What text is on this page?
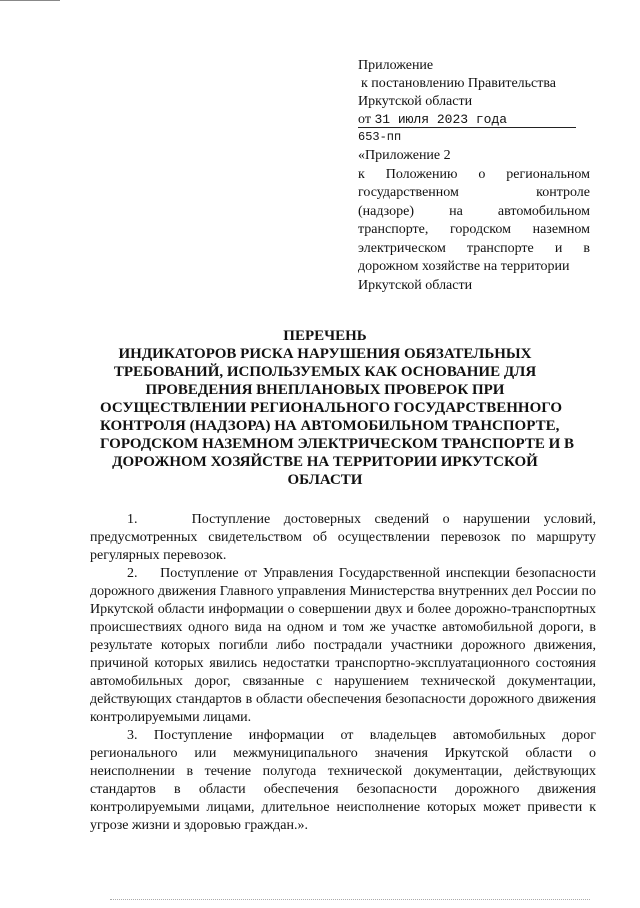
Приложение
к постановлению Правительства
Иркутской области
от 31 июля 2023 года
653-пп
«Приложение 2
к Положению о региональном
государственном контроле
(надзоре) на автомобильном
транспорте, городском наземном
электрическом транспорте и в
дорожном хозяйстве на территории
Иркутской области
ПЕРЕЧЕНЬ
ИНДИКАТОРОВ РИСКА НАРУШЕНИЯ ОБЯЗАТЕЛЬНЫХ
ТРЕБОВАНИЙ, ИСПОЛЬЗУЕМЫХ КАК ОСНОВАНИЕ ДЛЯ
ПРОВЕДЕНИЯ ВНЕПЛАНОВЫХ ПРОВЕРОК ПРИ
ОСУЩЕСТВЛЕНИИ РЕГИОНАЛЬНОГО ГОСУДАРСТВЕННОГО
КОНТРОЛЯ (НАДЗОРА) НА АВТОМОБИЛЬНОМ ТРАНСПОРТЕ,
ГОРОДСКОМ НАЗЕМНОМ ЭЛЕКТРИЧЕСКОМ ТРАНСПОРТЕ И В
ДОРОЖНОМ ХОЗЯЙСТВЕ НА ТЕРРИТОРИИ ИРКУТСКОЙ
ОБЛАСТИ

1.    Поступление достоверных сведений о нарушении условий, предусмотренных свидетельством об осуществлении перевозок по маршруту регулярных перевозок.

2.    Поступление от Управления Государственной инспекции безопасности дорожного движения Главного управления Министерства внутренних дел России по Иркутской области информации о совершении двух и более дорожно-транспортных происшествиях одного вида на одном и том же участке автомобильной дороги, в результате которых погибли либо пострадали участники дорожного движения, причиной которых явились недостатки транспортно-эксплуатационного состояния автомобильных дорог, связанные с нарушением технической документации, действующих стандартов в области обеспечения безопасности дорожного движения контролируемыми лицами.

3. Поступление информации от владельцев автомобильных дорог регионального или межмуниципального значения Иркутской области о неисполнении в течение полугода технической документации, действующих стандартов в области обеспечения безопасности дорожного движения контролируемыми лицами, длительное неисполнение которых может привести к угрозе жизни и здоровью граждан.».
